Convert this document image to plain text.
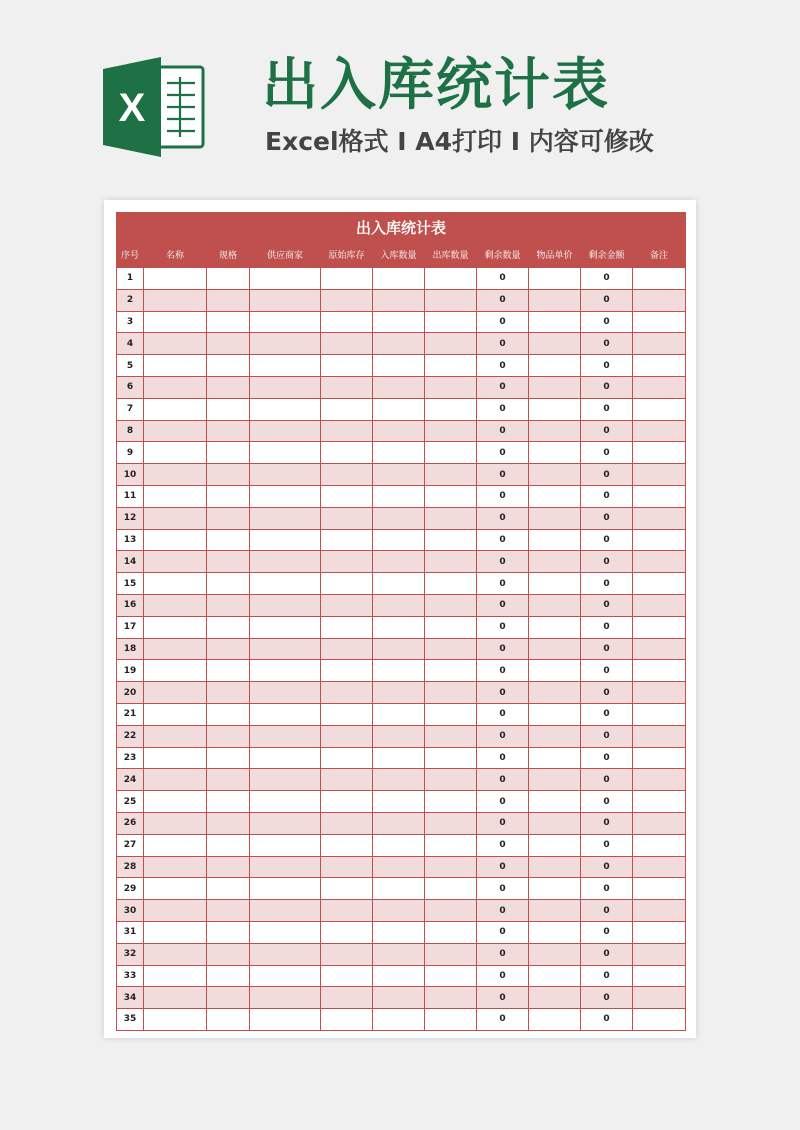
X 出入库统计表
Excel格式 I A4打印 I 内容可修改
出入库统计表										
序号	名称	规格	供应商家	原始库存	入库数量	出库数量	剩余数量	物品单价	剩余金额	备注
1							0		0	
2							0		0	
3							0		0	
4							0		0	
5							0		0	
6							0		0	
7							0		0	
8							0		0	
9							0		0	
10							0		0	
11							0		0	
12							0		0	
13							0		0	
14							0		0	
15							0		0	
16							0		0	
17							0		0	
18							0		0	
19							0		0	
20							0		0	
21							0		0	
22							0		0	
23							0		0	
24							0		0	
25							0		0	
26							0		0	
27							0		0	
28							0		0	
29							0		0	
30							0		0	
31							0		0	
32							0		0	
33							0		0	
34							0		0	
35							0		0	
